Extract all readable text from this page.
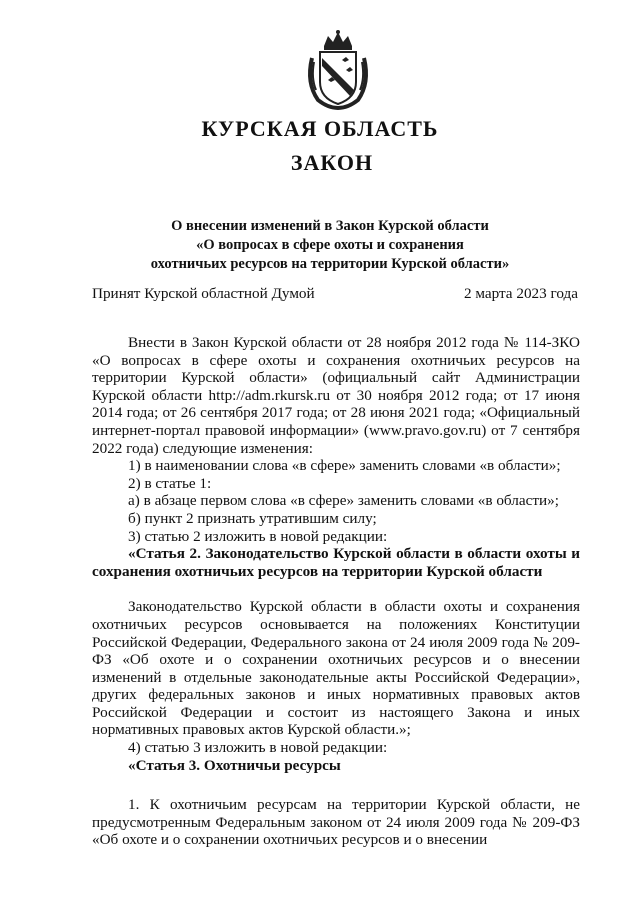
КУРСКАЯ ОБЛАСТЬ
ЗАКОН
О внесении изменений в Закон Курской области
«О вопросах в сфере охоты и сохранения
охотничьих ресурсов на территории Курской области»
Принят Курской областной Думой	2 марта 2023 года

Внести в Закон Курской области от 28 ноября 2012 года № 114-ЗКО «О вопросах в сфере охоты и сохранения охотничьих ресурсов на территории Курской области» (официальный сайт Администрации Курской области http://adm.rkursk.ru от 30 ноября 2012 года; от 17 июня 2014 года; от 26 сентября 2017 года; от 28 июня 2021 года; «Официальный интернет-портал правовой информации» (www.pravo.gov.ru) от 7 сентября 2022 года) следующие изменения:

1) в наименовании слова «в сфере» заменить словами «в области»;

2) в статье 1:

а) в абзаце первом слова «в сфере» заменить словами «в области»;

б) пункт 2 признать утратившим силу;

3) статью 2 изложить в новой редакции:

«Статья 2. Законодательство Курской области в области охоты и сохранения охотничьих ресурсов на территории Курской области

Законодательство Курской области в области охоты и сохранения охотничьих ресурсов основывается на положениях Конституции Российской Федерации, Федерального закона от 24 июля 2009 года № 209-ФЗ «Об охоте и о сохранении охотничьих ресурсов и о внесении изменений в отдельные законодательные акты Российской Федерации», других федеральных законов и иных нормативных правовых актов Российской Федерации и состоит из настоящего Закона и иных нормативных правовых актов Курской области.»;

4) статью 3 изложить в новой редакции:

«Статья 3. Охотничьи ресурсы

1. К охотничьим ресурсам на территории Курской области, не предусмотренным Федеральным законом от 24 июля 2009 года № 209-ФЗ «Об охоте и о сохранении охотничьих ресурсов и о внесении
